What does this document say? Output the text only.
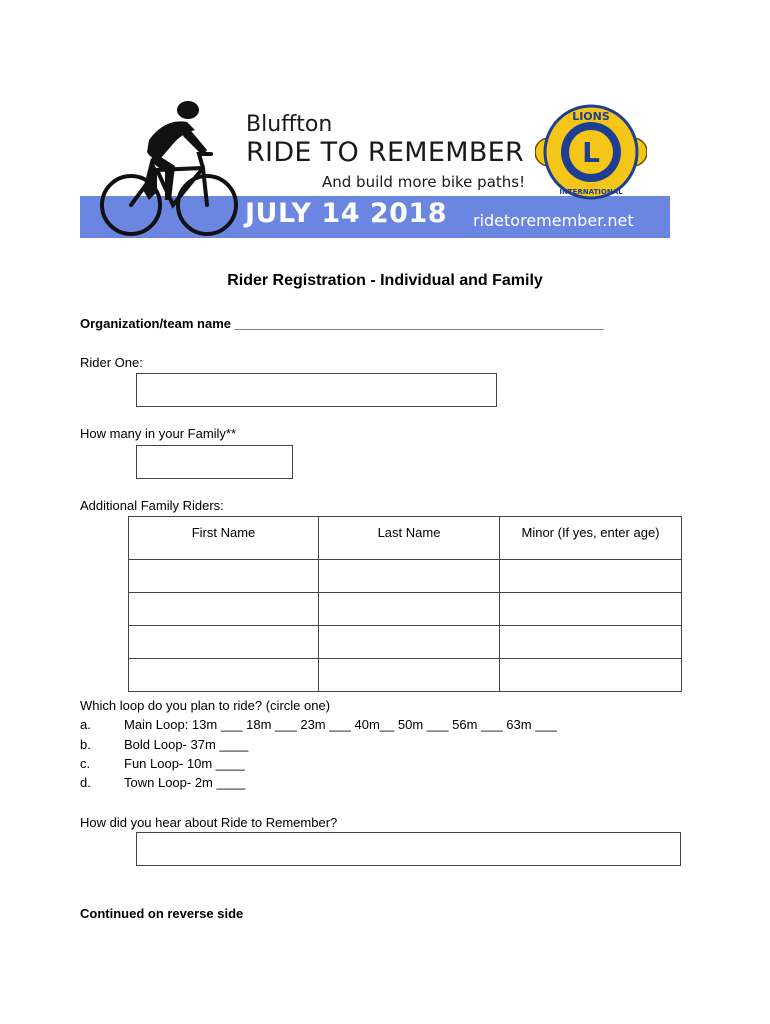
Bluffton
RIDE TO REMEMBER
And build more bike paths!
JULY 14 2018 ridetoremember.net
L
LIONS
INTERNATIONAL
Rider Registration - Individual and Family
Organization/team name ___________________________________________________
Rider One:
How many in your Family**
Additional Family Riders:
First Name	Last Name	Minor (If yes, enter age)

Which loop do you plan to ride? (circle one)
a.	Main Loop: 13m ___ 18m ___ 23m ___ 40m__ 50m ___ 56m ___ 63m ___
b.	Bold Loop- 37m ____
c.	Fun Loop- 10m ____
d.	Town Loop- 2m ____
How did you hear about Ride to Remember?
Continued on reverse side
